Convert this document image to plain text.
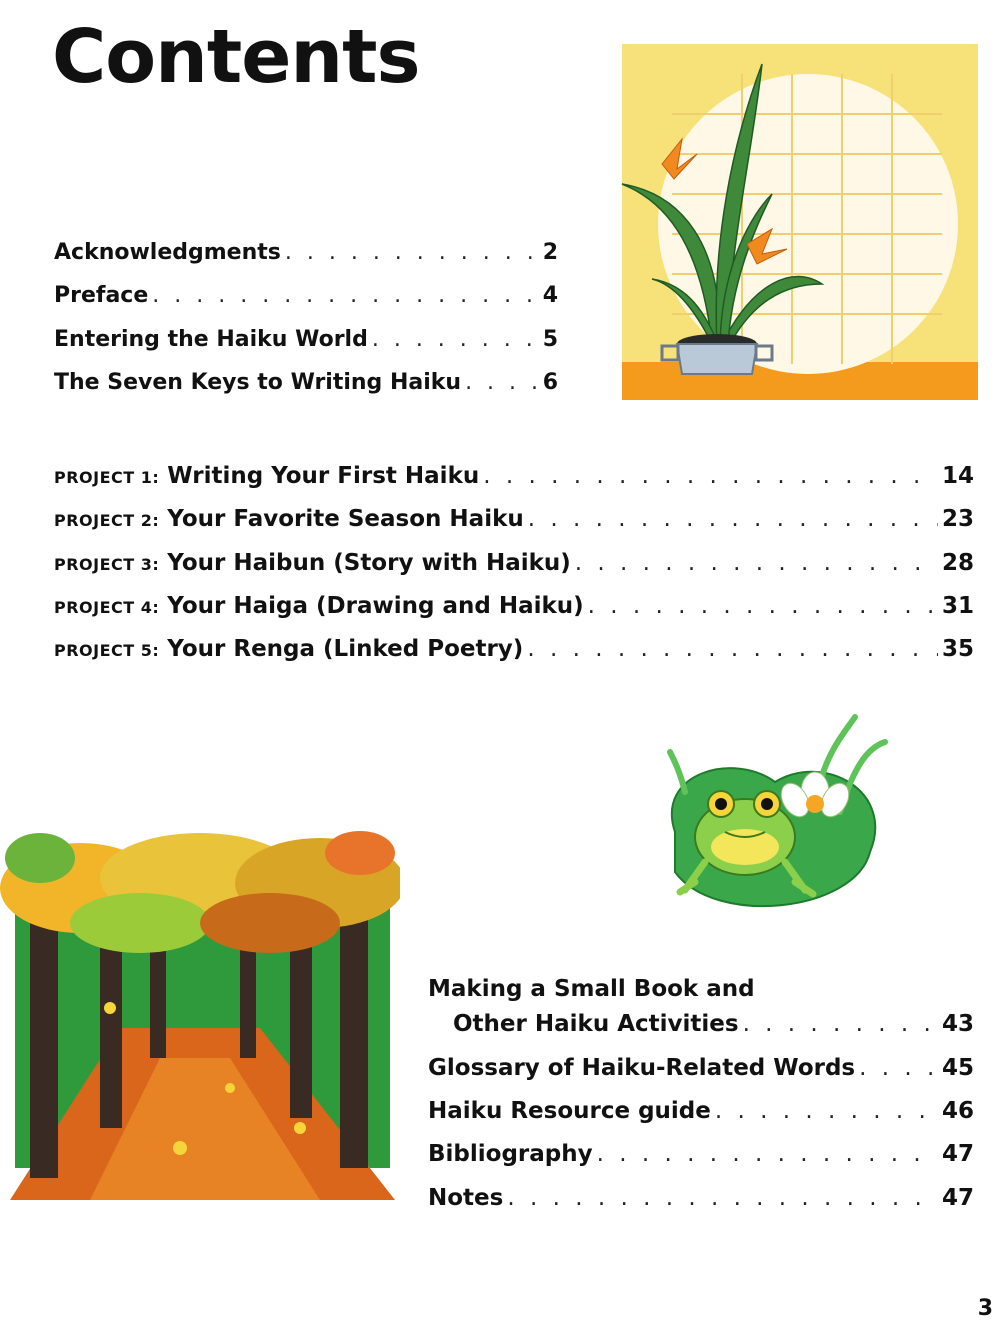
Contents
Acknowledgments . . .	2
Preface . . .	4
Entering the Haiku World . . .	5
The Seven Keys to Writing Haiku . . .	6
PROJECT 1: Writing Your First Haiku . . .	14
PROJECT 2: Your Favorite Season Haiku . . .	23
PROJECT 3: Your Haibun (Story with Haiku) . . .	28
PROJECT 4: Your Haiga (Drawing and Haiku) . . .	31
PROJECT 5: Your Renga (Linked Poetry) . . .	35
Making a Small Book and
Other Haiku Activities . . .	43
Glossary of Haiku-Related Words . . .	45
Haiku Resource guide . . .	46
Bibliography . . .	47
Notes . . .	47
3
